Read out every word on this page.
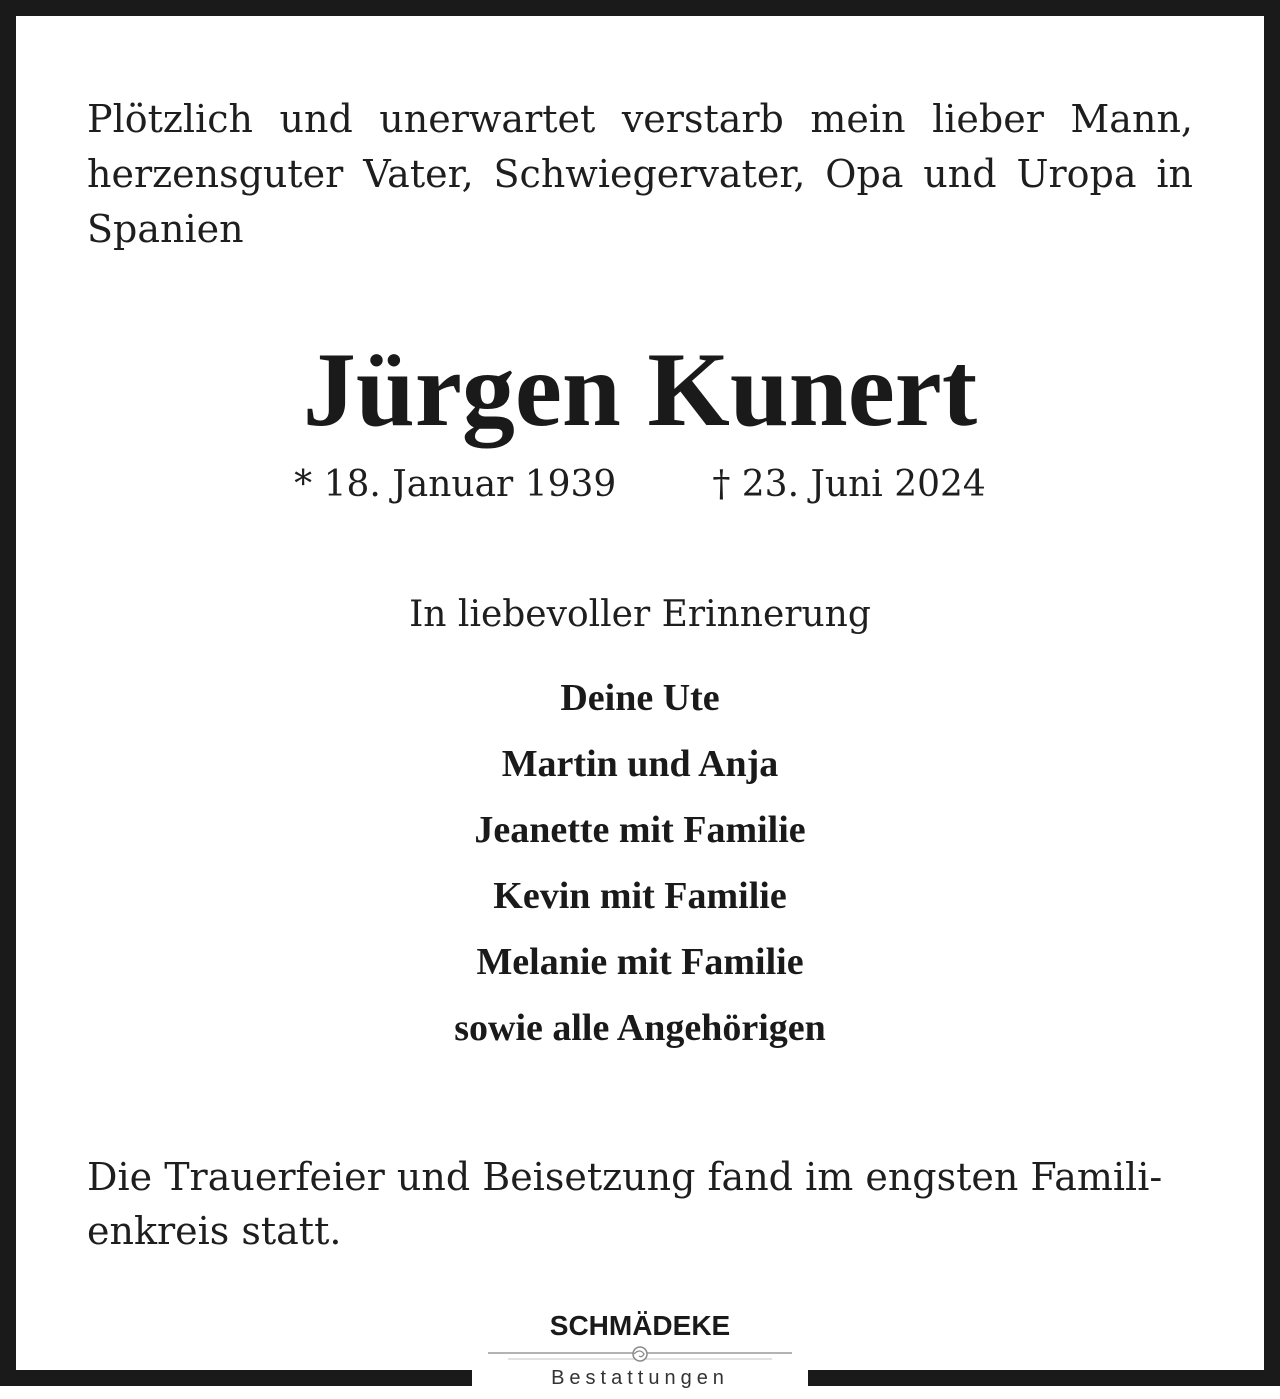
Plötzlich und unerwartet verstarb mein lieber Mann, herzensguter Vater, Schwiegervater, Opa und Uropa in Spanien

Jürgen Kunert

* 18. Januar 1939	† 23. Juni 2024

In liebevoller Erinnerung

Deine Ute
Martin und Anja
Jeanette mit Familie
Kevin mit Familie
Melanie mit Familie
sowie alle Angehörigen

Die Trauerfeier und Beisetzung fand im engsten Famili-
enkreis statt.

SCHMÄDEKE
Bestattungen
